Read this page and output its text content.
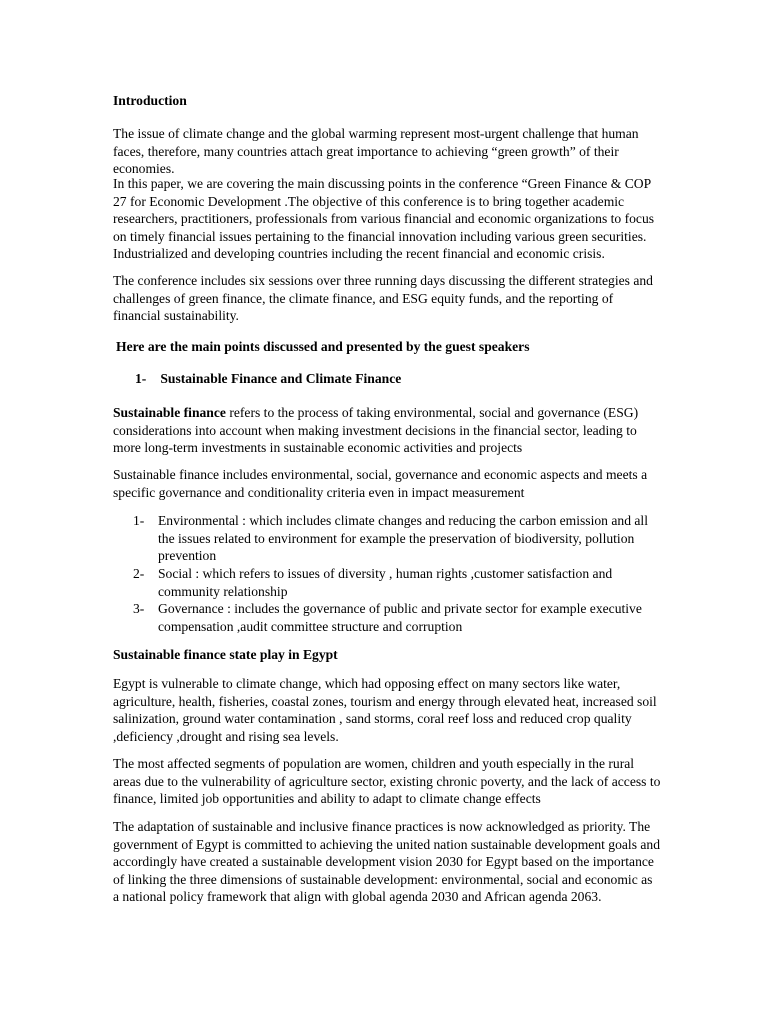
Introduction

The issue of climate change and the global warming represent most-urgent challenge that human faces, therefore, many countries attach great importance to achieving “green growth” of their economies.

In this paper, we are covering the main discussing points in the conference “Green Finance & COP 27 for Economic Development .The objective of this conference is to bring together academic researchers, practitioners, professionals from various financial and economic organizations to focus on timely financial issues pertaining to the financial innovation including various green securities. Industrialized and developing countries including the recent financial and economic crisis.

The conference includes six sessions over three running days discussing the different strategies and challenges of green finance, the climate finance, and ESG equity funds, and the reporting of financial sustainability.

Here are the main points discussed and presented by the guest speakers
1- Sustainable Finance and Climate Finance

Sustainable finance refers to the process of taking environmental, social and governance (ESG) considerations into account when making investment decisions in the financial sector, leading to more long-term investments in sustainable economic activities and projects

Sustainable finance includes environmental, social, governance and economic aspects and meets a specific governance and conditionality criteria even in impact measurement

1- Environmental : which includes climate changes and reducing the carbon emission and all the issues related to environment for example the preservation of biodiversity, pollution prevention
2- Social : which refers to issues of diversity , human rights ,customer satisfaction and community relationship
3- Governance : includes the governance of public and private sector for example executive compensation ,audit committee structure and corruption
Sustainable finance state play in Egypt

Egypt is vulnerable to climate change, which had opposing effect on many sectors like water, agriculture, health, fisheries, coastal zones, tourism and energy through elevated heat, increased soil salinization, ground water contamination , sand storms, coral reef loss and reduced crop quality ,deficiency ,drought and rising sea levels.

The most affected segments of population are women, children and youth especially in the rural areas due to the vulnerability of agriculture sector, existing chronic poverty, and the lack of access to finance, limited job opportunities and ability to adapt to climate change effects

The adaptation of sustainable and inclusive finance practices is now acknowledged as priority. The government of Egypt is committed to achieving the united nation sustainable development goals and accordingly have created a sustainable development vision 2030 for Egypt based on the importance of linking the three dimensions of sustainable development: environmental, social and economic as a national policy framework that align with global agenda 2030 and African agenda 2063.
